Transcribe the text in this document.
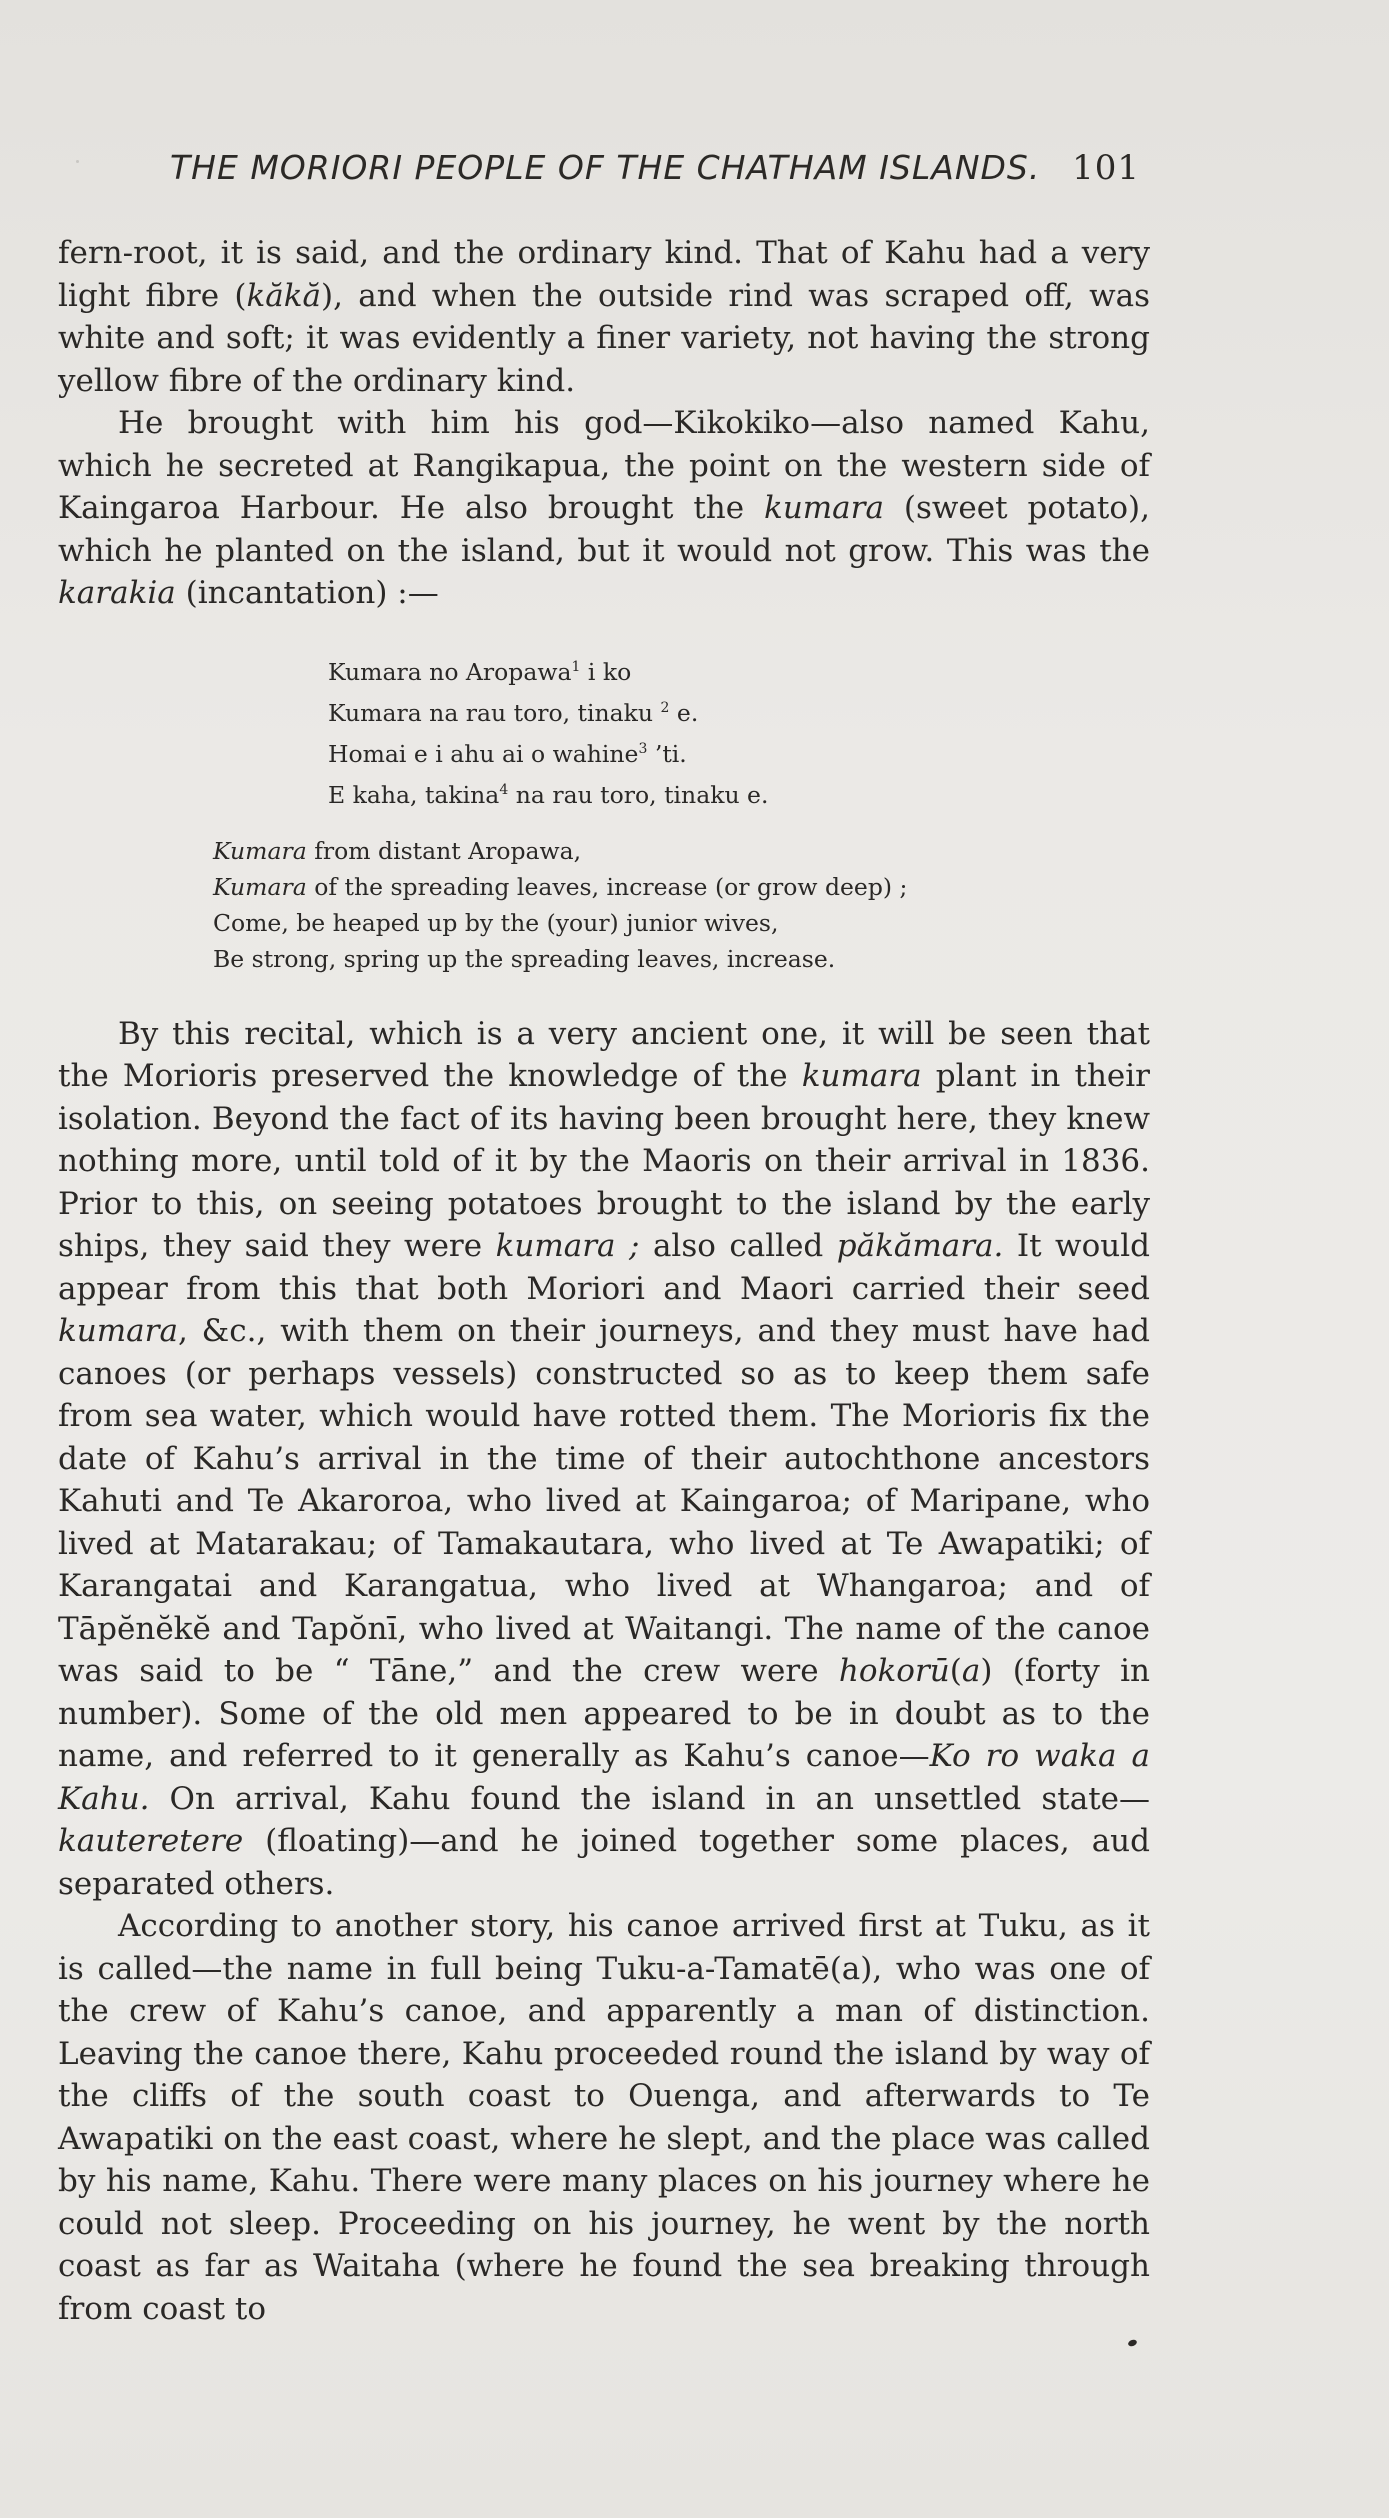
THE MORIORI PEOPLE OF THE CHATHAM ISLANDS. 101

fern-root, it is said, and the ordinary kind. That of Kahu had a very light fibre (kăkă), and when the outside rind was scraped off, was white and soft; it was evidently a finer variety, not having the strong yellow fibre of the ordinary kind.

He brought with him his god—Kikokiko—also named Kahu, which he secreted at Rangikapua, the point on the western side of Kaingaroa Harbour. He also brought the kumara (sweet potato), which he planted on the island, but it would not grow. This was the karakia (incantation) :—

Kumara no Aropawa$^1$ i ko
Kumara na rau toro, tinaku $^2$ e.
Homai e i ahu ai o wahine$^3$ ’ti.
E kaha, takina$^4$ na rau toro, tinaku e.
Kumara from distant Aropawa,
Kumara of the spreading leaves, increase (or grow deep) ;
Come, be heaped up by the (your) junior wives,
Be strong, spring up the spreading leaves, increase.

By this recital, which is a very ancient one, it will be seen that the Morioris preserved the knowledge of the kumara plant in their isolation. Beyond the fact of its having been brought here, they knew nothing more, until told of it by the Maoris on their arrival in 1836. Prior to this, on seeing potatoes brought to the island by the early ships, they said they were kumara ; also called păkămara. It would appear from this that both Moriori and Maori carried their seed kumara, &c., with them on their journeys, and they must have had canoes (or perhaps vessels) constructed so as to keep them safe from sea water, which would have rotted them. The Morioris fix the date of Kahu’s arrival in the time of their autochthone ancestors Kahuti and Te Akaroroa, who lived at Kaingaroa; of Maripane, who lived at Matarakau; of Tamakautara, who lived at Te Awapatiki; of Karangatai and Karangatua, who lived at Whangaroa; and of Tāpĕnĕkĕ and Tapŏnī, who lived at Waitangi. The name of the canoe was said to be “ Tāne,” and the crew were hokorū(a) (forty in number). Some of the old men appeared to be in doubt as to the name, and referred to it generally as Kahu’s canoe—Ko ro waka a Kahu. On arrival, Kahu found the island in an unsettled state—kauteretere (floating)—and he joined together some places, aud separated others.

According to another story, his canoe arrived first at Tuku, as it is called—the name in full being Tuku-a-Tamatē(a), who was one of the crew of Kahu’s canoe, and apparently a man of distinction. Leaving the canoe there, Kahu proceeded round the island by way of the cliffs of the south coast to Ouenga, and afterwards to Te Awapatiki on the east coast, where he slept, and the place was called by his name, Kahu. There were many places on his journey where he could not sleep. Proceeding on his journey, he went by the north coast as far as Waitaha (where he found the sea breaking through from coast to
